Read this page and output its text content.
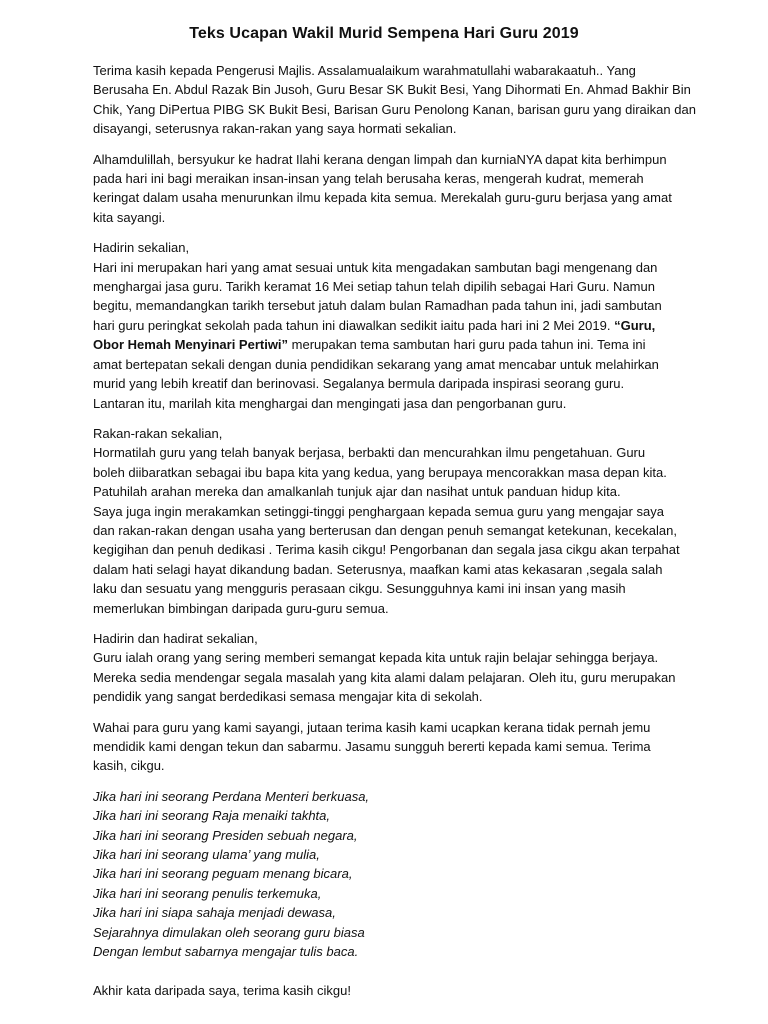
Teks Ucapan Wakil Murid Sempena Hari Guru 2019
Terima kasih kepada Pengerusi Majlis. Assalamualaikum warahmatullahi wabarakaatuh.. Yang
Berusaha En. Abdul Razak Bin Jusoh, Guru Besar SK Bukit Besi, Yang Dihormati En. Ahmad Bakhir Bin
Chik, Yang DiPertua PIBG SK Bukit Besi, Barisan Guru Penolong Kanan, barisan guru yang diraikan dan
disayangi, seterusnya rakan-rakan yang saya hormati sekalian.
Alhamdulillah, bersyukur ke hadrat Ilahi kerana dengan limpah dan kurniaNYA dapat kita berhimpun
pada hari ini bagi meraikan insan-insan yang telah berusaha keras, mengerah kudrat, memerah
keringat dalam usaha menurunkan ilmu kepada kita semua. Merekalah guru-guru berjasa yang amat
kita sayangi.
Hadirin sekalian,
Hari ini merupakan hari yang amat sesuai untuk kita mengadakan sambutan bagi mengenang dan
menghargai jasa guru. Tarikh keramat 16 Mei setiap tahun telah dipilih sebagai Hari Guru. Namun
begitu, memandangkan tarikh tersebut jatuh dalam bulan Ramadhan pada tahun ini, jadi sambutan
hari guru peringkat sekolah pada tahun ini diawalkan sedikit iaitu pada hari ini 2 Mei 2019. “Guru,
Obor Hemah Menyinari Pertiwi” merupakan tema sambutan hari guru pada tahun ini. Tema ini
amat bertepatan sekali dengan dunia pendidikan sekarang yang amat mencabar untuk melahirkan
murid yang lebih kreatif dan berinovasi. Segalanya bermula daripada inspirasi seorang guru.
Lantaran itu, marilah kita menghargai dan mengingati jasa dan pengorbanan guru.
Rakan-rakan sekalian,
Hormatilah guru yang telah banyak berjasa, berbakti dan mencurahkan ilmu pengetahuan. Guru
boleh diibaratkan sebagai ibu bapa kita yang kedua, yang berupaya mencorakkan masa depan kita.
Patuhilah arahan mereka dan amalkanlah tunjuk ajar dan nasihat untuk panduan hidup kita.
Saya juga ingin merakamkan setinggi-tinggi penghargaan kepada semua guru yang mengajar saya
dan rakan-rakan dengan usaha yang berterusan dan dengan penuh semangat ketekunan, kecekalan,
kegigihan dan penuh dedikasi . Terima kasih cikgu! Pengorbanan dan segala jasa cikgu akan terpahat
dalam hati selagi hayat dikandung badan. Seterusnya, maafkan kami atas kekasaran ,segala salah
laku dan sesuatu yang mengguris perasaan cikgu. Sesungguhnya kami ini insan yang masih
memerlukan bimbingan daripada guru-guru semua.
Hadirin dan hadirat sekalian,
Guru ialah orang yang sering memberi semangat kepada kita untuk rajin belajar sehingga berjaya.
Mereka sedia mendengar segala masalah yang kita alami dalam pelajaran. Oleh itu, guru merupakan
pendidik yang sangat berdedikasi semasa mengajar kita di sekolah.
Wahai para guru yang kami sayangi, jutaan terima kasih kami ucapkan kerana tidak pernah jemu
mendidik kami dengan tekun dan sabarmu. Jasamu sungguh bererti kepada kami semua. Terima
kasih, cikgu.
Jika hari ini seorang Perdana Menteri berkuasa,
Jika hari ini seorang Raja menaiki takhta,
Jika hari ini seorang Presiden sebuah negara,
Jika hari ini seorang ulama’ yang mulia,
Jika hari ini seorang peguam menang bicara,
Jika hari ini seorang penulis terkemuka,
Jika hari ini siapa sahaja menjadi dewasa,
Sejarahnya dimulakan oleh seorang guru biasa
Dengan lembut sabarnya mengajar tulis baca.
Akhir kata daripada saya, terima kasih cikgu!
